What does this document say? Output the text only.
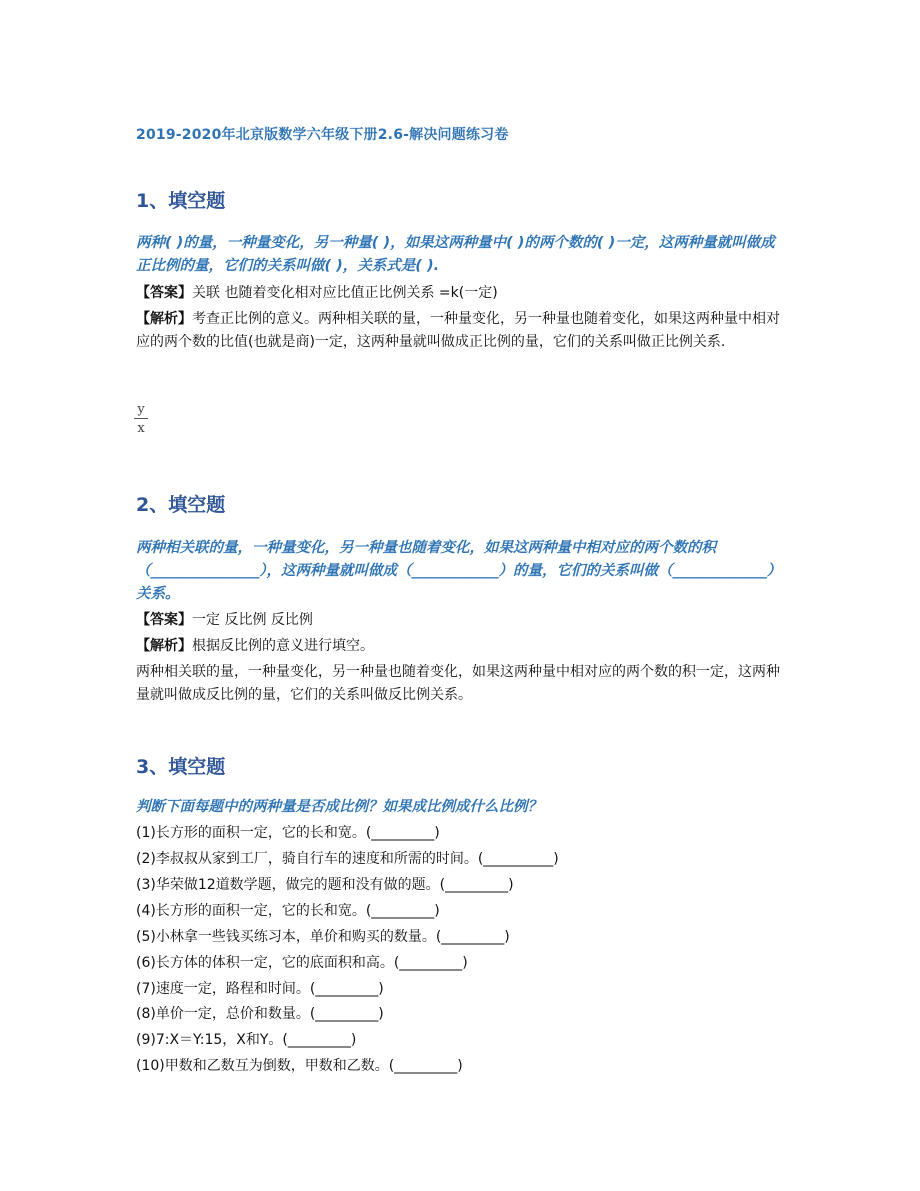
2019-2020年北京版数学六年级下册2.6-解决问题练习卷
1、填空题
两种( )的量，一种量变化，另一种量( )，如果这两种量中( )的两个数的( )一定，这两种量就叫做成正比例的量，它们的关系叫做( )，关系式是( ).
【答案】关联 也随着变化相对应比值正比例关系 =k(一定)
【解析】考查正比例的意义。两种相关联的量，一种量变化，另一种量也随着变化，如果这两种量中相对应的两个数的比值(也就是商)一定，这两种量就叫做成正比例的量，它们的关系叫做正比例关系.
y
x
2、填空题
两种相关联的量，一种量变化，另一种量也随着变化，如果这两种量中相对应的两个数的积（_______________），这两种量就叫做成（____________）的量，它们的关系叫做（_____________）关系。
【答案】一定 反比例 反比例
【解析】根据反比例的意义进行填空。
两种相关联的量，一种量变化，另一种量也随着变化，如果这两种量中相对应的两个数的积一定，这两种量就叫做成反比例的量，它们的关系叫做反比例关系。
3、填空题
判断下面每题中的两种量是否成比例？如果成比例成什么比例？
(1)长方形的面积一定，它的长和宽。(_________)
(2)李叔叔从家到工厂，骑自行车的速度和所需的时间。(__________)
(3)华荣做12道数学题，做完的题和没有做的题。(_________)
(4)长方形的面积一定，它的长和宽。(_________)
(5)小林拿一些钱买练习本，单价和购买的数量。(_________)
(6)长方体的体积一定，它的底面积和高。(_________)
(7)速度一定，路程和时间。(_________)
(8)单价一定，总价和数量。(_________)
(9)7:X＝Y:15，X和Y。(_________)
(10)甲数和乙数互为倒数，甲数和乙数。(_________)
